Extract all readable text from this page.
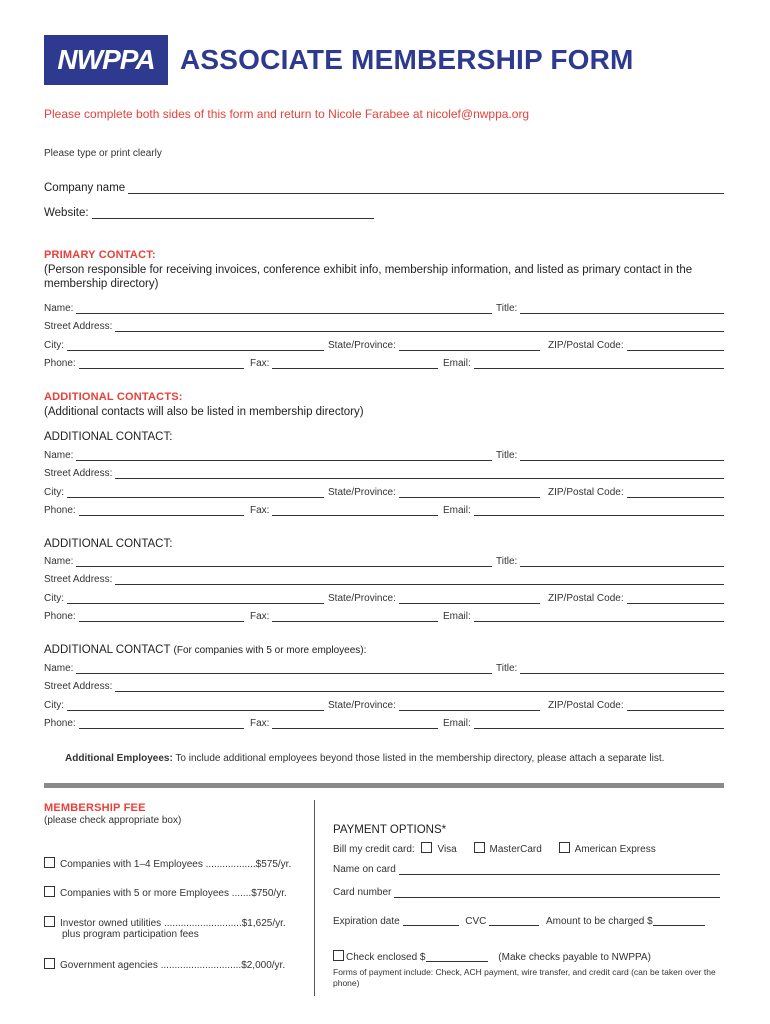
NWPPA ASSOCIATE MEMBERSHIP FORM
Please complete both sides of this form and return to Nicole Farabee at nicolef@nwppa.org
Please type or print clearly
Company name
Website:
PRIMARY CONTACT:
(Person responsible for receiving invoices, conference exhibit info, membership information, and listed as primary contact in the membership directory)
Name:	Title:
Street Address:
City:	State/Province:	ZIP/Postal Code:
Phone:	Fax:	Email:
Name:	Title:
Street Address:
City:	State/Province:	ZIP/Postal Code:
Phone:	Fax:	Email:
Name:	Title:
Street Address:
City:	State/Province:	ZIP/Postal Code:
Phone:	Fax:	Email:
Name:	Title:
Street Address:
City:	State/Province:	ZIP/Postal Code:
Phone:	Fax:	Email:
ADDITIONAL CONTACTS:
(Additional contacts will also be listed in membership directory)
ADDITIONAL CONTACT:
ADDITIONAL CONTACT:
ADDITIONAL CONTACT (For companies with 5 or more employees):
Additional Employees: To include additional employees beyond those listed in the membership directory, please attach a separate list.
MEMBERSHIP FEE
(please check appropriate box)
Companies with 1–4 Employees ..................$575/yr.
Companies with 5 or more Employees .......$750/yr.
Investor owned utilities ............................$1,625/yr.
plus program participation fees
Government agencies .............................$2,000/yr.
PAYMENT OPTIONS*
Bill my credit card: Visa	MasterCard	American Express
Name on card
Card number
Expiration date	CVC	Amount to be charged $
Check enclosed $	(Make checks payable to NWPPA)
Forms of payment include: Check, ACH payment, wire transfer, and credit card (can be taken over the phone)
